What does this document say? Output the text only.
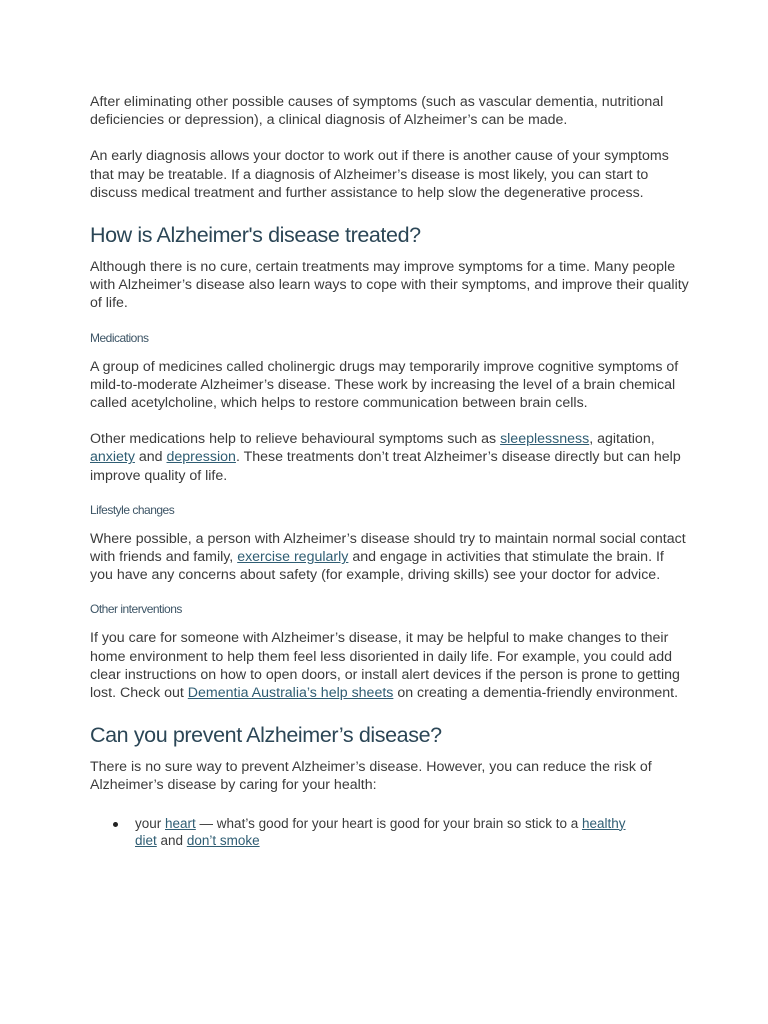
After eliminating other possible causes of symptoms (such as vascular dementia, nutritional deficiencies or depression), a clinical diagnosis of Alzheimer’s can be made.

An early diagnosis allows your doctor to work out if there is another cause of your symptoms that may be treatable. If a diagnosis of Alzheimer’s disease is most likely, you can start to discuss medical treatment and further assistance to help slow the degenerative process.

How is Alzheimer's disease treated?

Although there is no cure, certain treatments may improve symptoms for a time. Many people with Alzheimer’s disease also learn ways to cope with their symptoms, and improve their quality of life.

Medications

A group of medicines called cholinergic drugs may temporarily improve cognitive symptoms of mild-to-moderate Alzheimer’s disease. These work by increasing the level of a brain chemical called acetylcholine, which helps to restore communication between brain cells.

Other medications help to relieve behavioural symptoms such as sleeplessness, agitation, anxiety and depression. These treatments don’t treat Alzheimer’s disease directly but can help improve quality of life.

Lifestyle changes

Where possible, a person with Alzheimer’s disease should try to maintain normal social contact with friends and family, exercise regularly and engage in activities that stimulate the brain. If you have any concerns about safety (for example, driving skills) see your doctor for advice.

Other interventions

If you care for someone with Alzheimer’s disease, it may be helpful to make changes to their home environment to help them feel less disoriented in daily life. For example, you could add clear instructions on how to open doors, or install alert devices if the person is prone to getting lost. Check out Dementia Australia’s help sheets on creating a dementia-friendly environment.

Can you prevent Alzheimer’s disease?

There is no sure way to prevent Alzheimer’s disease. However, you can reduce the risk of Alzheimer’s disease by caring for your health:

your heart — what’s good for your heart is good for your brain so stick to a healthy diet and don’t smoke
